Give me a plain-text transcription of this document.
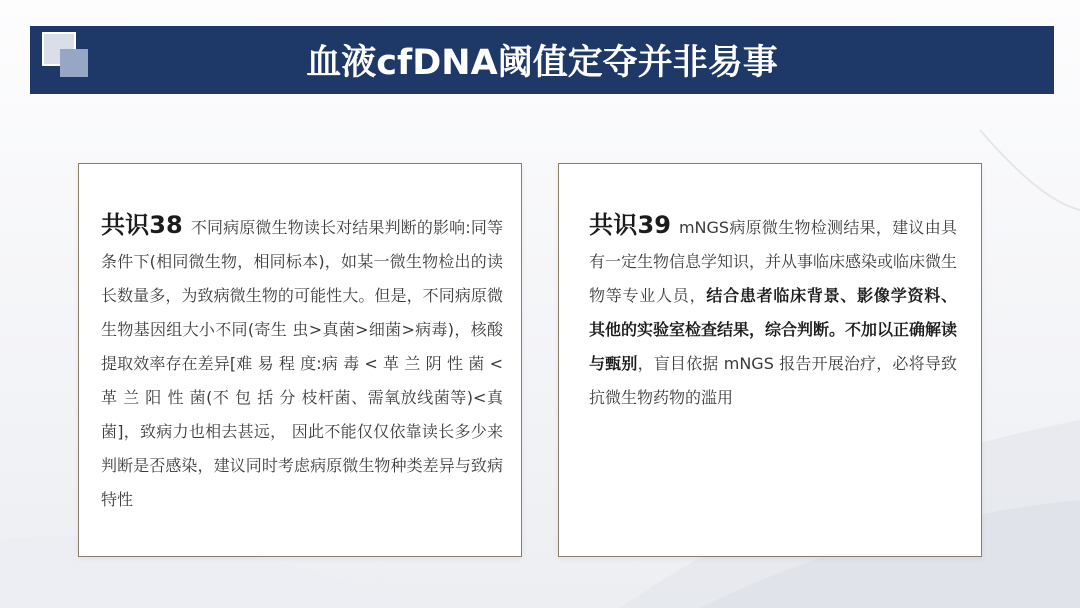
血液cfDNA阈值定夺并非易事
共识38 不同病原微生物读长对结果判断的影响:同等条件下(相同微生物，相同标本)，如某一微生物检出的读长数量多，为致病微生物的可能性大。但是，不同病原微生物基因组大小不同(寄生 虫>真菌>细菌>病毒)，核酸提取效率存在差异[难 易 程 度:病 毒 < 革 兰 阴 性 菌 < 革 兰 阳 性 菌(不 包 括 分 枝杆菌、需氧放线菌等)<真菌]，致病力也相去甚远， 因此不能仅仅依靠读长多少来判断是否感染，建议同时考虑病原微生物种类差异与致病特性
共识39 mNGS病原微生物检测结果，建议由具有一定生物信息学知识，并从事临床感染或临床微生物等专业人员，结合患者临床背景、影像学资料、其他的实验室检查结果，综合判断。不加以正确解读与甄别，盲目依据 mNGS 报告开展治疗，必将导致抗微生物药物的滥用
